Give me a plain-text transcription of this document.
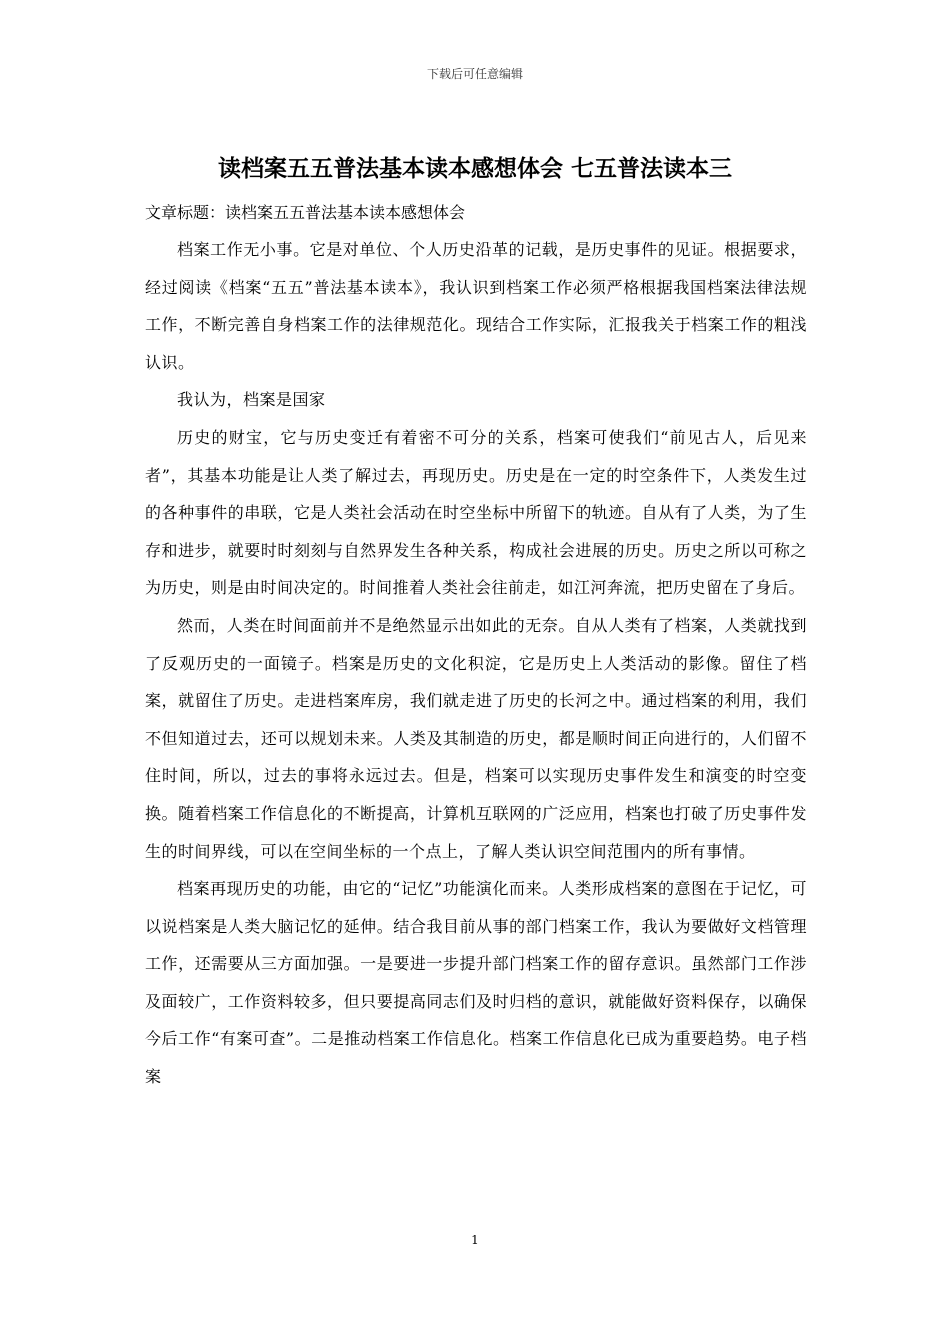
下载后可任意编辑
读档案五五普法基本读本感想体会 七五普法读本三

文章标题：读档案五五普法基本读本感想体会

档案工作无小事。它是对单位、个人历史沿革的记载，是历史事件的见证。根据要求，经过阅读《档案“五五”普法基本读本》，我认识到档案工作必须严格根据我国档案法律法规工作，不断完善自身档案工作的法律规范化。现结合工作实际，汇报我关于档案工作的粗浅认识。

我认为，档案是国家

历史的财宝，它与历史变迁有着密不可分的关系，档案可使我们“前见古人，后见来者”，其基本功能是让人类了解过去，再现历史。历史是在一定的时空条件下，人类发生过的各种事件的串联，它是人类社会活动在时空坐标中所留下的轨迹。自从有了人类，为了生存和进步，就要时时刻刻与自然界发生各种关系，构成社会进展的历史。历史之所以可称之为历史，则是由时间决定的。时间推着人类社会往前走，如江河奔流，把历史留在了身后。

然而，人类在时间面前并不是绝然显示出如此的无奈。自从人类有了档案，人类就找到了反观历史的一面镜子。档案是历史的文化积淀，它是历史上人类活动的影像。留住了档案，就留住了历史。走进档案库房，我们就走进了历史的长河之中。通过档案的利用，我们不但知道过去，还可以规划未来。人类及其制造的历史，都是顺时间正向进行的，人们留不住时间，所以，过去的事将永远过去。但是，档案可以实现历史事件发生和演变的时空变换。随着档案工作信息化的不断提高，计算机互联网的广泛应用，档案也打破了历史事件发生的时间界线，可以在空间坐标的一个点上，了解人类认识空间范围内的所有事情。

档案再现历史的功能，由它的“记忆”功能演化而来。人类形成档案的意图在于记忆，可以说档案是人类大脑记忆的延伸。结合我目前从事的部门档案工作，我认为要做好文档管理工作，还需要从三方面加强。一是要进一步提升部门档案工作的留存意识。虽然部门工作涉及面较广，工作资料较多，但只要提高同志们及时归档的意识，就能做好资料保存，以确保今后工作“有案可查”。二是推动档案工作信息化。档案工作信息化已成为重要趋势。电子档案

1
